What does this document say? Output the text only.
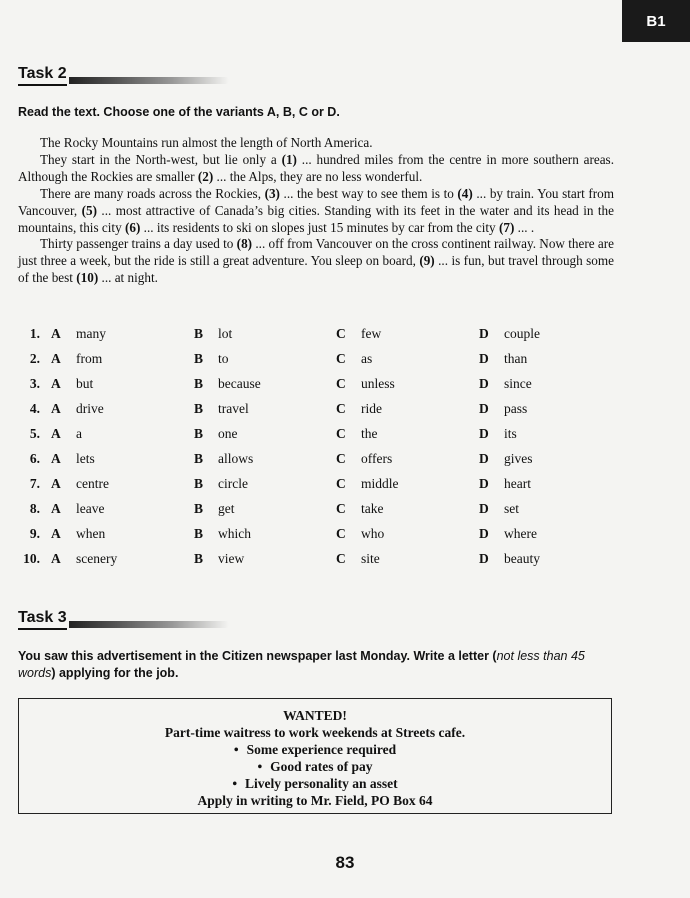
B1
Task 2
Read the text. Choose one of the variants A, B, C or D.

The Rocky Mountains run almost the length of North America.

They start in the North-west, but lie only a (1) ... hundred miles from the centre in more southern areas. Although the Rockies are smaller (2) ... the Alps, they are no less wonderful.

There are many roads across the Rockies, (3) ... the best way to see them is to (4) ... by train. You start from Vancouver, (5) ... most attractive of Canada’s big cities. Standing with its feet in the water and its head in the mountains, this city (6) ... its residents to ski on slopes just 15 minutes by car from the city (7) ... .

Thirty passenger trains a day used to (8) ... off from Vancouver on the cross continent railway. Now there are just three a week, but the ride is still a great adventure. You sleep on board, (9) ... is fun, but travel through some of the best (10) ... at night.

1. A many	B lot	C few	D couple
2. A from	B to	C as	D than
3. A but	B because	C unless	D since
4. A drive	B travel	C ride	D pass
5. A a	B one	C the	D its
6. A lets	B allows	C offers	D gives
7. A centre	B circle	C middle	D heart
8. A leave	B get	C take	D set
9. A when	B which	C who	D where
10. A scenery	B view	C site	D beauty
Task 3
You saw this advertisement in the Citizen newspaper last Monday. Write a letter (not less than 45 words) applying for the job.
WANTED!
Part-time waitress to work weekends at Streets cafe.
• Some experience required
• Good rates of pay
• Lively personality an asset
Apply in writing to Mr. Field, PO Box 64
83
